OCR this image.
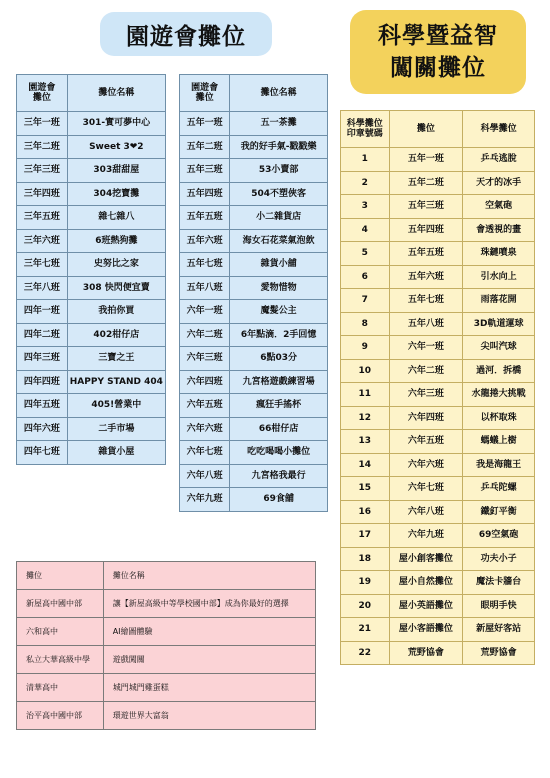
園遊會攤位	科學暨益智
闖關攤位
園遊會
攤位	攤位名稱
三年一班	301-實可夢中心
三年二班	Sweet 3❤2
三年三班	303甜甜屋
三年四班	304挖寶攤
三年五班	雜七雜八
三年六班	6班熱狗攤
三年七班	史努比之家
三年八班	308 快閃便宜賣
四年一班	我拍你買
四年二班	402柑仔店
四年三班	三寶之王
四年四班	HAPPY STAND 404
四年五班	405!營業中
四年六班	二手市場
四年七班	雜貨小屋
園遊會
攤位	攤位名稱
五年一班	五一茶攤
五年二班	我的好手氣-戳戳樂
五年三班	53小賣部
五年四班	504不塑俠客
五年五班	小二雜貨店
五年六班	海女石花菜氣泡飲
五年七班	雜貨小舖
五年八班	愛物惜物
六年一班	魔髮公主
六年二班	6年點滴．2手回憶
六年三班	6點03分
六年四班	九宮格遊戲練習場
六年五班	瘋狂手搖杯
六年六班	66柑仔店
六年七班	吃吃喝喝小攤位
六年八班	九宮格我最行
六年九班	69食舖
科學攤位
印章號碼	攤位	科學攤位
1	五年一班	乒乓逃脫
2	五年二班	天才的冰手
3	五年三班	空氣砲
4	五年四班	會透視的畫
5	五年五班	珠鏈噴泉
6	五年六班	引水向上
7	五年七班	雨落花開
8	五年八班	3D軌道運球
9	六年一班	尖叫汽球
10	六年二班	過河．拆橋
11	六年三班	水龍捲大挑戰
12	六年四班	以杯取珠
13	六年五班	螞蟻上樹
14	六年六班	我是海龍王
15	六年七班	乒乓陀螺
16	六年八班	鐵釘平衡
17	六年九班	69空氣砲
18	屋小創客攤位	功夫小子
19	屋小自然攤位	魔法卡牆台
20	屋小英語攤位	眼明手快
21	屋小客語攤位	新屋好客站
22	荒野協會	荒野協會
攤位	攤位名稱
新屋高中國中部	讓【新屋高級中等學校國中部】成為你最好的選擇
六和高中	AI繪圖體驗
私立大華高級中學	遊戲闖關
清華高中	城門城門雞蛋糕
治平高中國中部	環遊世界大富翁
